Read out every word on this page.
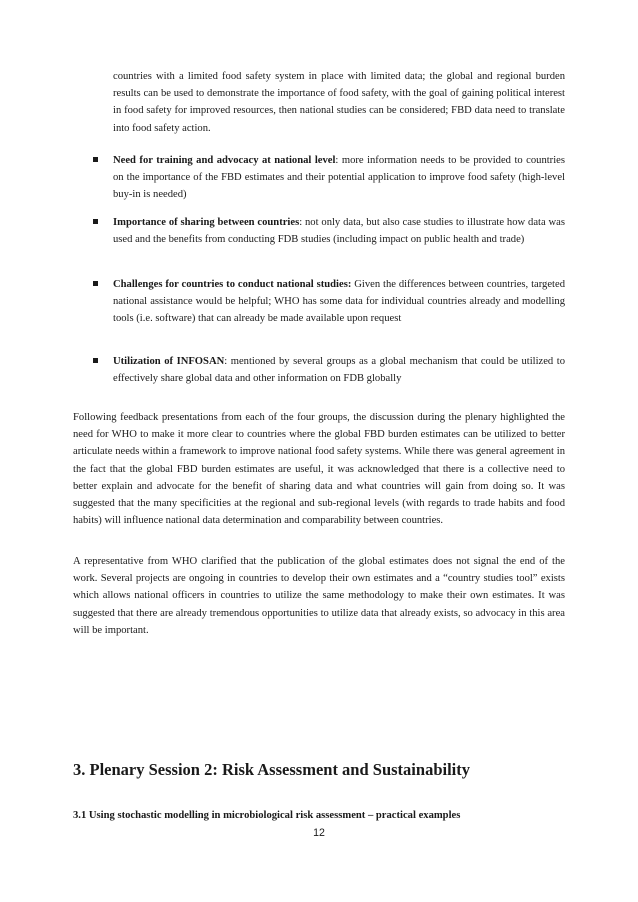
countries with a limited food safety system in place with limited data; the global and regional burden results can be used to demonstrate the importance of food safety, with the goal of gaining political interest in food safety for improved resources, then national studies can be considered; FBD data need to translate into food safety action.

Need for training and advocacy at national level: more information needs to be provided to countries on the importance of the FBD estimates and their potential application to improve food safety (high-level buy-in is needed)

Importance of sharing between countries: not only data, but also case studies to illustrate how data was used and the benefits from conducting FDB studies (including impact on public health and trade)

Challenges for countries to conduct national studies: Given the differences between countries, targeted national assistance would be helpful; WHO has some data for individual countries already and modelling tools (i.e. software) that can already be made available upon request

Utilization of INFOSAN: mentioned by several groups as a global mechanism that could be utilized to effectively share global data and other information on FDB globally

Following feedback presentations from each of the four groups, the discussion during the plenary highlighted the need for WHO to make it more clear to countries where the global FBD burden estimates can be utilized to better articulate needs within a framework to improve national food safety systems. While there was general agreement in the fact that the global FBD burden estimates are useful, it was acknowledged that there is a collective need to better explain and advocate for the benefit of sharing data and what countries will gain from doing so. It was suggested that the many specificities at the regional and sub-regional levels (with regards to trade habits and food habits) will influence national data determination and comparability between countries.

A representative from WHO clarified that the publication of the global estimates does not signal the end of the work. Several projects are ongoing in countries to develop their own estimates and a “country studies tool” exists which allows national officers in countries to utilize the same methodology to make their own estimates. It was suggested that there are already tremendous opportunities to utilize data that already exists, so advocacy in this area will be important.

3. Plenary Session 2: Risk Assessment and Sustainability
3.1 Using stochastic modelling in microbiological risk assessment – practical examples

12
